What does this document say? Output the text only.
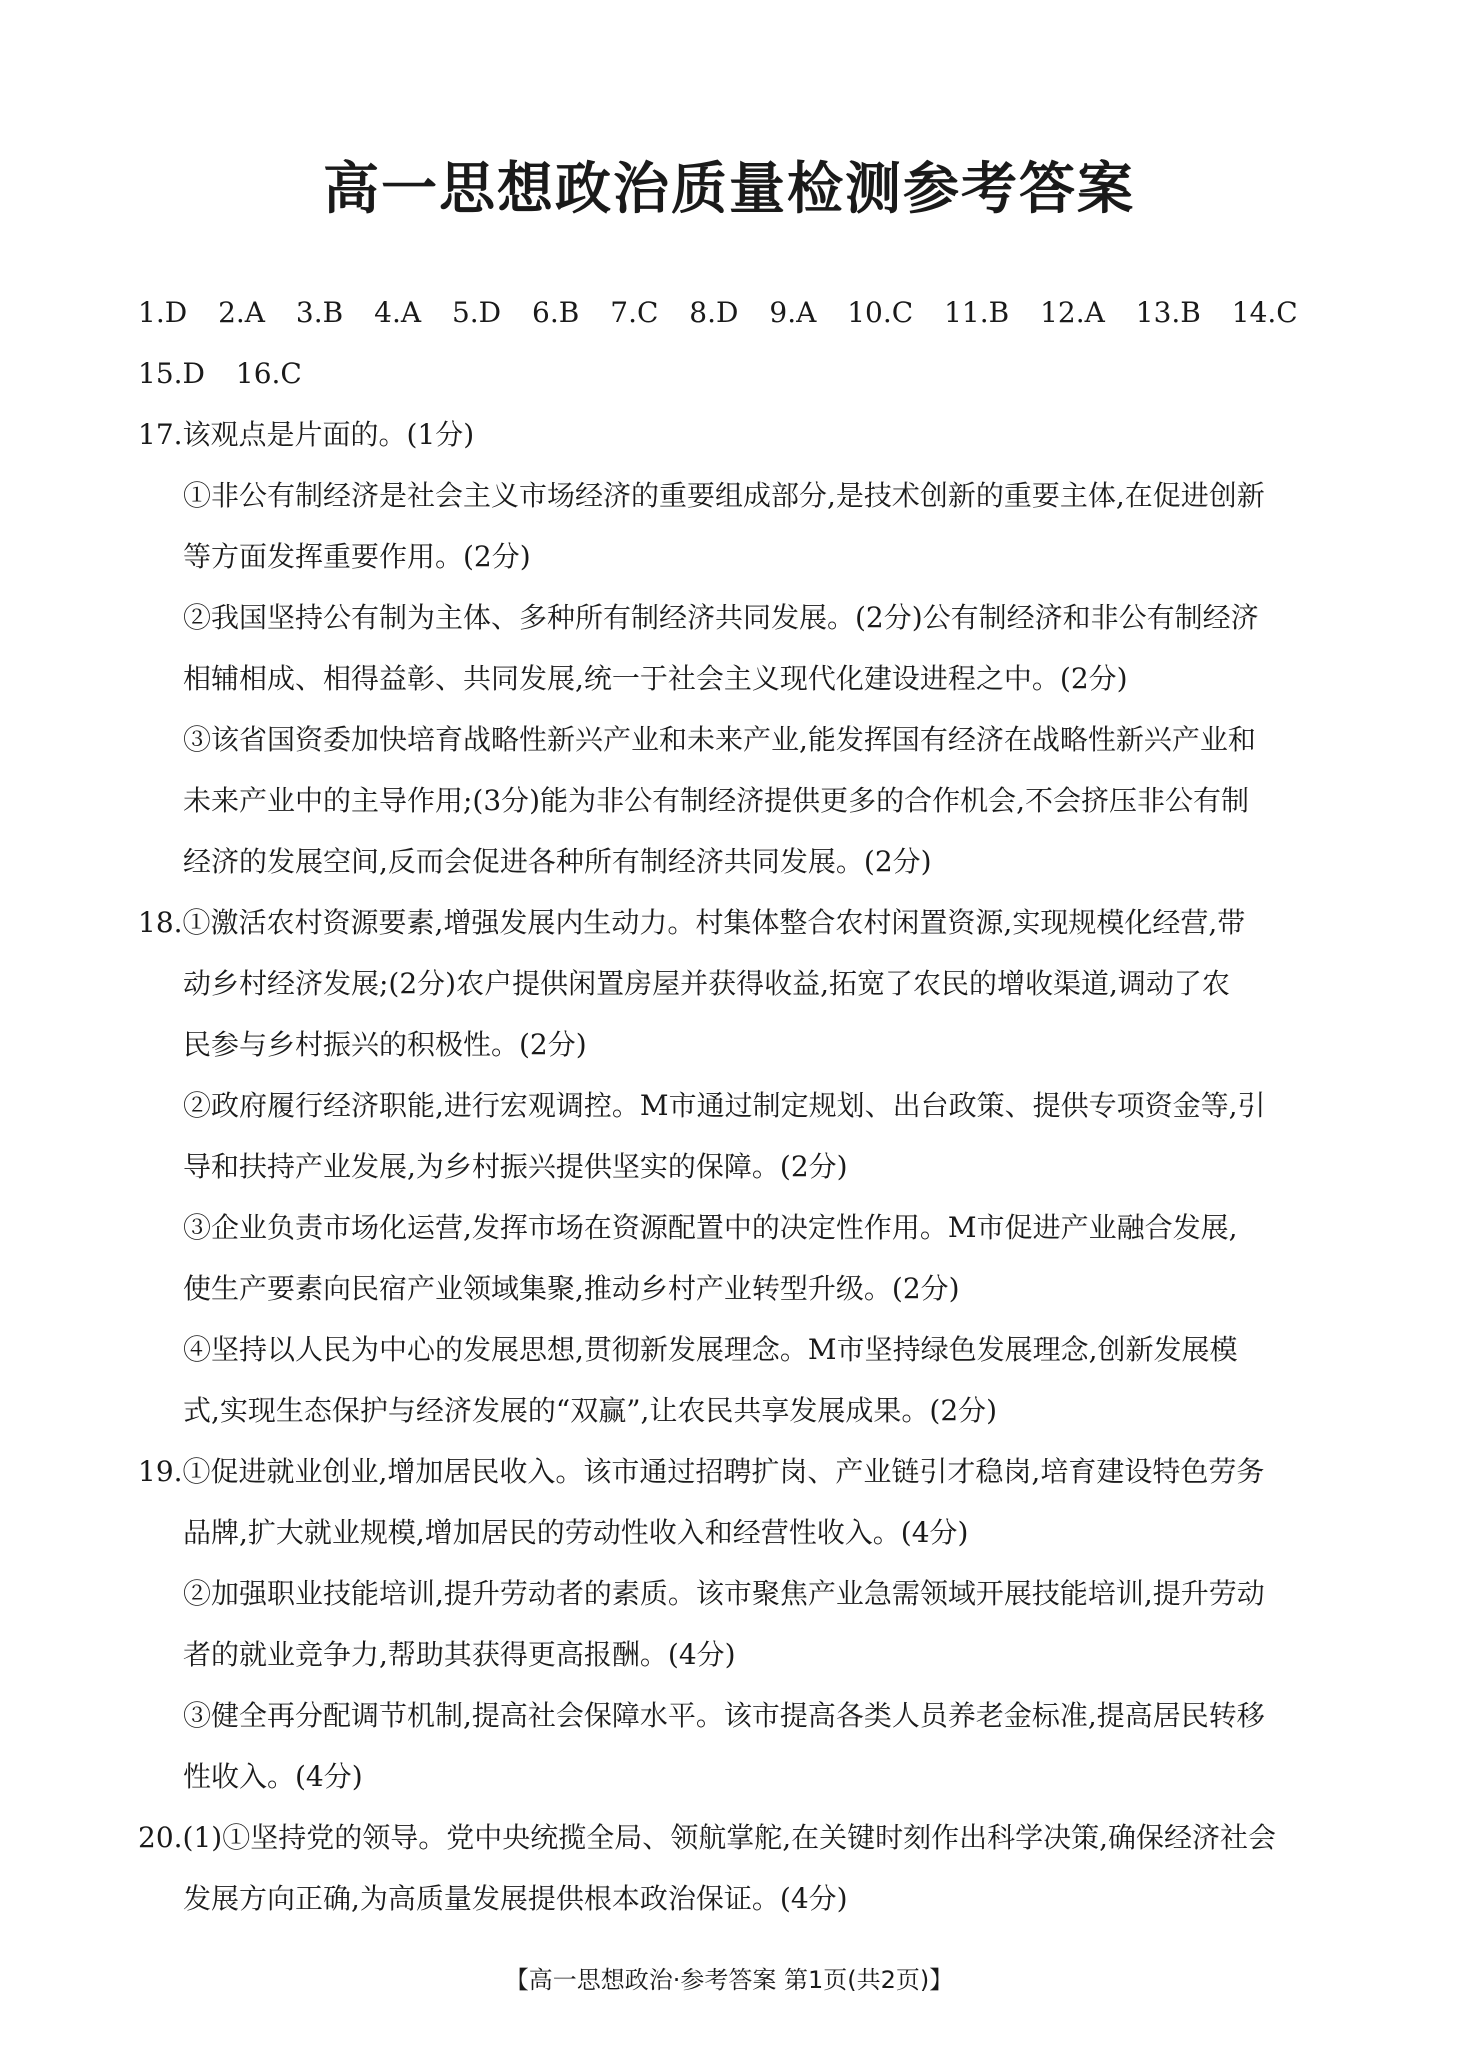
高一思想政治质量检测参考答案
1.D 2.A 3.B 4.A 5.D 6.B 7.C 8.D 9.A 10.C 11.B 12.A 13.B 14.C
15.D 16.C
17.该观点是片面的。(1分)
①非公有制经济是社会主义市场经济的重要组成部分,是技术创新的重要主体,在促进创新
等方面发挥重要作用。(2分)
②我国坚持公有制为主体、多种所有制经济共同发展。(2分)公有制经济和非公有制经济
相辅相成、相得益彰、共同发展,统一于社会主义现代化建设进程之中。(2分)
③该省国资委加快培育战略性新兴产业和未来产业,能发挥国有经济在战略性新兴产业和
未来产业中的主导作用;(3分)能为非公有制经济提供更多的合作机会,不会挤压非公有制
经济的发展空间,反而会促进各种所有制经济共同发展。(2分)
18.①激活农村资源要素,增强发展内生动力。村集体整合农村闲置资源,实现规模化经营,带
动乡村经济发展;(2分)农户提供闲置房屋并获得收益,拓宽了农民的增收渠道,调动了农
民参与乡村振兴的积极性。(2分)
②政府履行经济职能,进行宏观调控。M市通过制定规划、出台政策、提供专项资金等,引
导和扶持产业发展,为乡村振兴提供坚实的保障。(2分)
③企业负责市场化运营,发挥市场在资源配置中的决定性作用。M市促进产业融合发展,
使生产要素向民宿产业领域集聚,推动乡村产业转型升级。(2分)
④坚持以人民为中心的发展思想,贯彻新发展理念。M市坚持绿色发展理念,创新发展模
式,实现生态保护与经济发展的“双赢”,让农民共享发展成果。(2分)
19.①促进就业创业,增加居民收入。该市通过招聘扩岗、产业链引才稳岗,培育建设特色劳务
品牌,扩大就业规模,增加居民的劳动性收入和经营性收入。(4分)
②加强职业技能培训,提升劳动者的素质。该市聚焦产业急需领域开展技能培训,提升劳动
者的就业竞争力,帮助其获得更高报酬。(4分)
③健全再分配调节机制,提高社会保障水平。该市提高各类人员养老金标准,提高居民转移
性收入。(4分)
20.(1)①坚持党的领导。党中央统揽全局、领航掌舵,在关键时刻作出科学决策,确保经济社会
发展方向正确,为高质量发展提供根本政治保证。(4分)
【高一思想政治·参考答案 第1页(共2页)】
